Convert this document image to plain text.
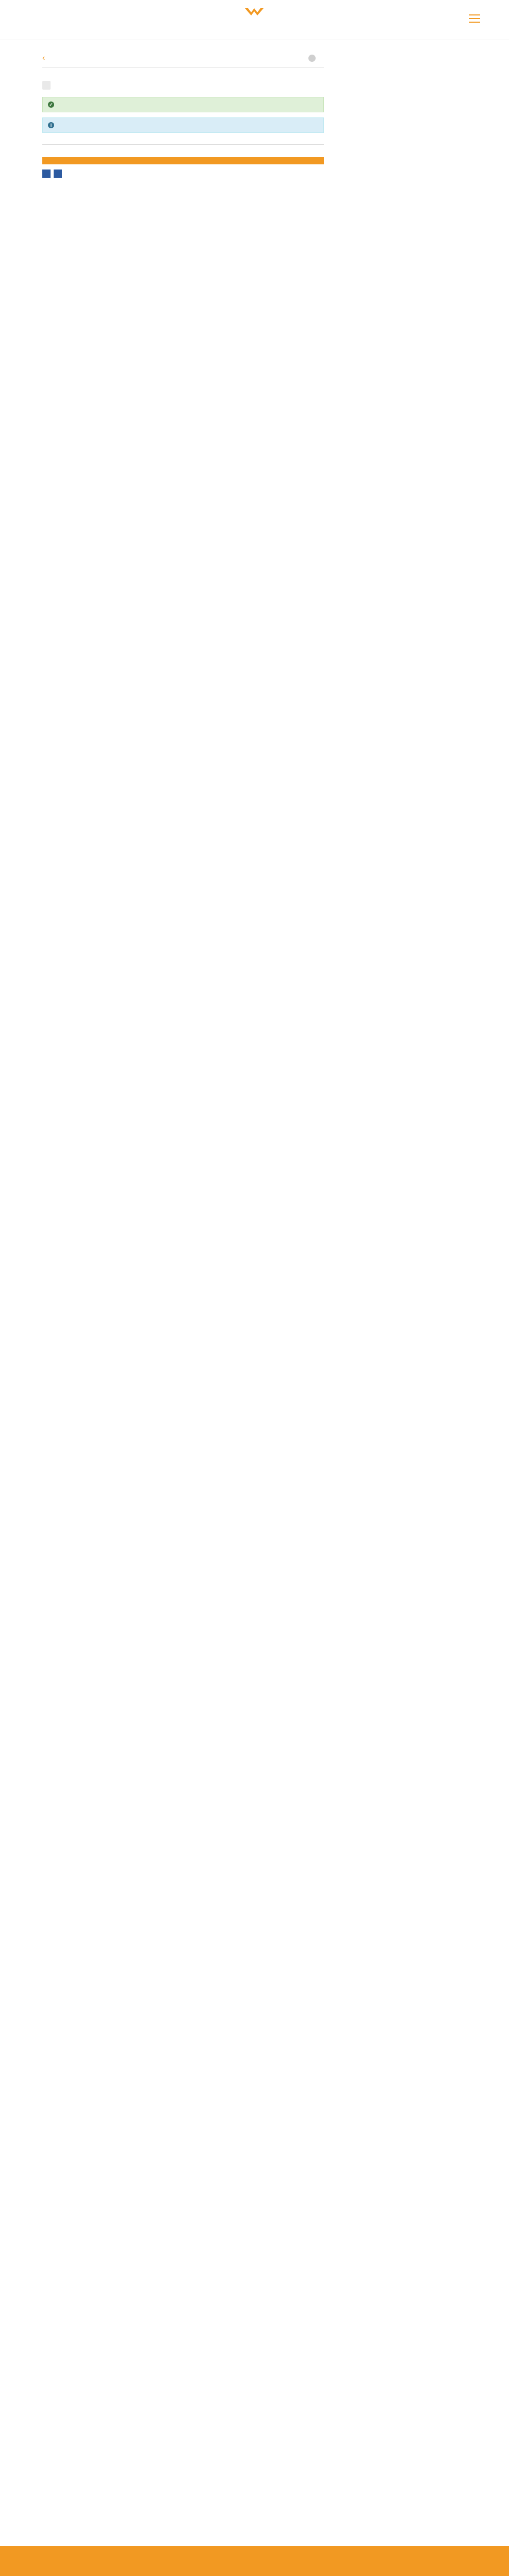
‹
✓
i
